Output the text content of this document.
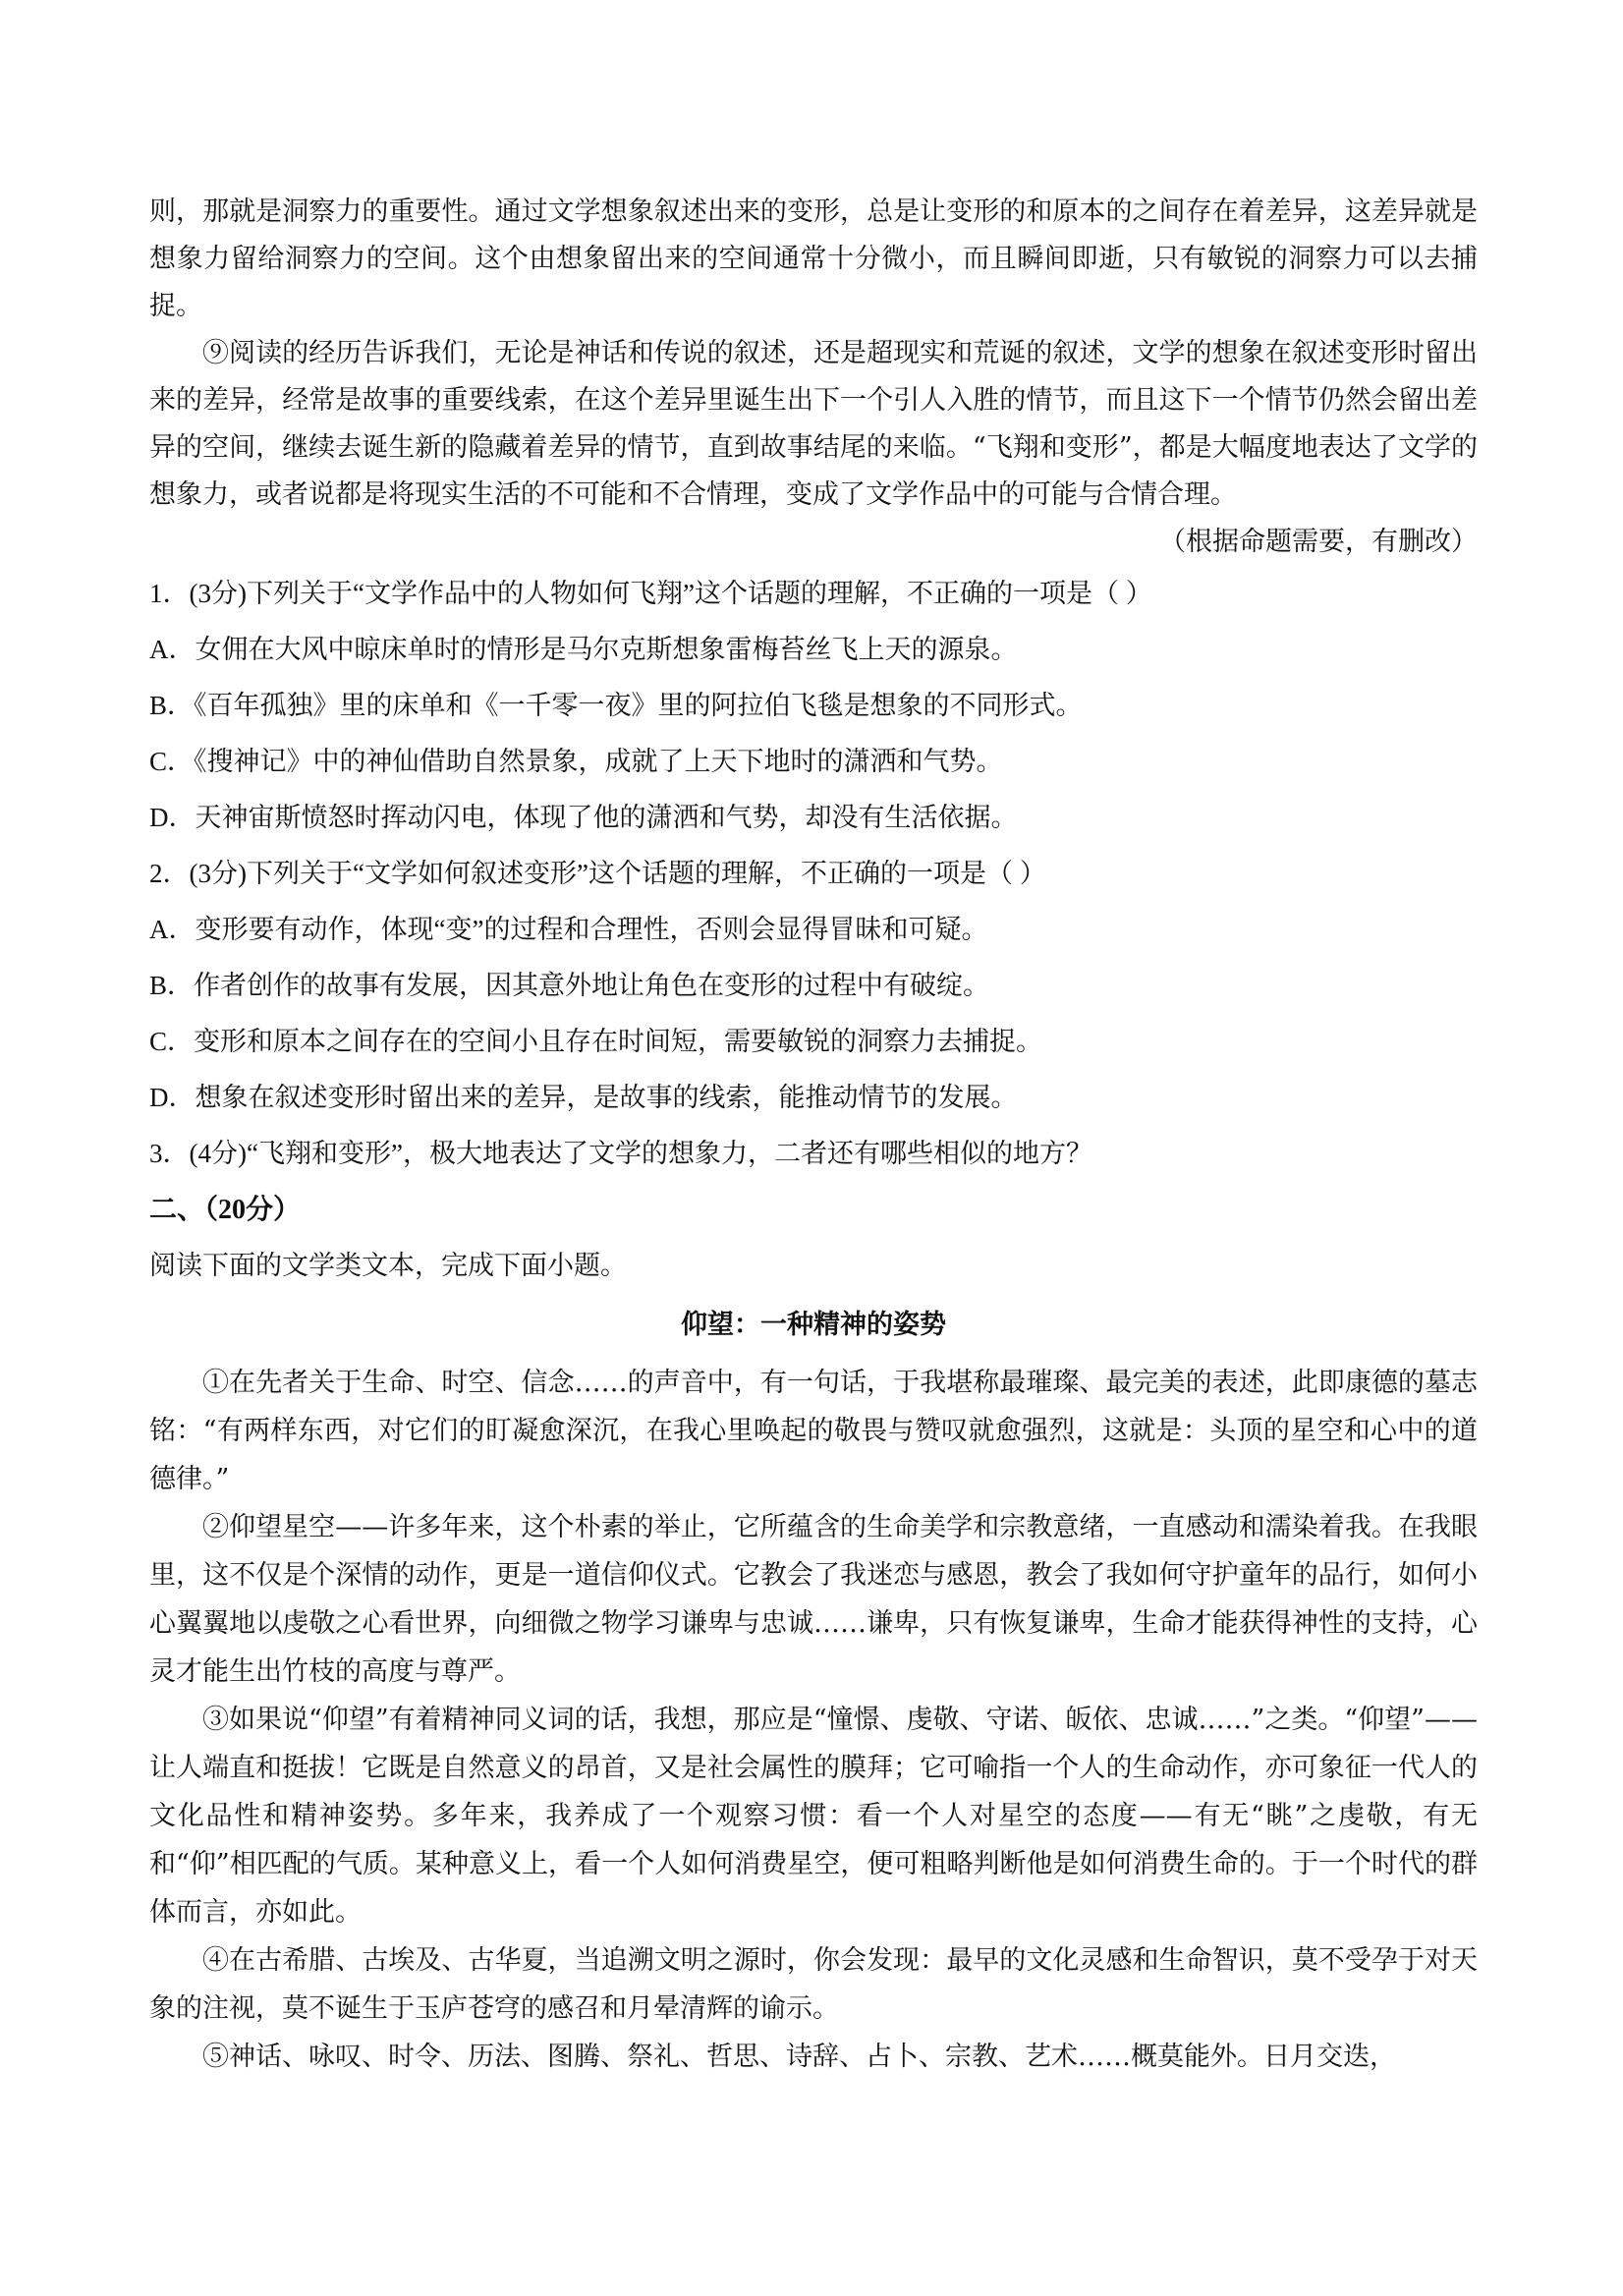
则，那就是洞察力的重要性。通过文学想象叙述出来的变形，总是让变形的和原本的之间存在着差异，这差异就是想象力留给洞察力的空间。这个由想象留出来的空间通常十分微小，而且瞬间即逝，只有敏锐的洞察力可以去捕捉。

⑨阅读的经历告诉我们，无论是神话和传说的叙述，还是超现实和荒诞的叙述，文学的想象在叙述变形时留出来的差异，经常是故事的重要线索，在这个差异里诞生出下一个引人入胜的情节，而且这下一个情节仍然会留出差异的空间，继续去诞生新的隐藏着差异的情节，直到故事结尾的来临。“飞翔和变形”，都是大幅度地表达了文学的想象力，或者说都是将现实生活的不可能和不合情理，变成了文学作品中的可能与合情合理。

（根据命题需要，有删改）

1．(3分)下列关于“文学作品中的人物如何飞翔”这个话题的理解，不正确的一项是（ ）

A．女佣在大风中晾床单时的情形是马尔克斯想象雷梅苔丝飞上天的源泉。

B．《百年孤独》里的床单和《一千零一夜》里的阿拉伯飞毯是想象的不同形式。

C．《搜神记》中的神仙借助自然景象，成就了上天下地时的潇洒和气势。

D．天神宙斯愤怒时挥动闪电，体现了他的潇洒和气势，却没有生活依据。

2．(3分)下列关于“文学如何叙述变形”这个话题的理解，不正确的一项是（ ）

A．变形要有动作，体现“变”的过程和合理性，否则会显得冒昧和可疑。

B．作者创作的故事有发展，因其意外地让角色在变形的过程中有破绽。

C．变形和原本之间存在的空间小且存在时间短，需要敏锐的洞察力去捕捉。

D．想象在叙述变形时留出来的差异，是故事的线索，能推动情节的发展。

3．(4分)“飞翔和变形”，极大地表达了文学的想象力，二者还有哪些相似的地方？

二、（20分）

阅读下面的文学类文本，完成下面小题。

仰望：一种精神的姿势

①在先者关于生命、时空、信念……的声音中，有一句话，于我堪称最璀璨、最完美的表述，此即康德的墓志铭：“有两样东西，对它们的盯凝愈深沉，在我心里唤起的敬畏与赞叹就愈强烈，这就是：头顶的星空和心中的道德律。”

②仰望星空——许多年来，这个朴素的举止，它所蕴含的生命美学和宗教意绪，一直感动和濡染着我。在我眼里，这不仅是个深情的动作，更是一道信仰仪式。它教会了我迷恋与感恩，教会了我如何守护童年的品行，如何小心翼翼地以虔敬之心看世界，向细微之物学习谦卑与忠诚……谦卑，只有恢复谦卑，生命才能获得神性的支持，心灵才能生出竹枝的高度与尊严。

③如果说“仰望”有着精神同义词的话，我想，那应是“憧憬、虔敬、守诺、皈依、忠诚……”之类。“仰望”——让人端直和挺拔！它既是自然意义的昂首，又是社会属性的膜拜；它可喻指一个人的生命动作，亦可象征一代人的文化品性和精神姿势。多年来，我养成了一个观察习惯：看一个人对星空的态度——有无“眺”之虔敬，有无和“仰”相匹配的气质。某种意义上，看一个人如何消费星空，便可粗略判断他是如何消费生命的。于一个时代的群体而言，亦如此。

④在古希腊、古埃及、古华夏，当追溯文明之源时，你会发现：最早的文化灵感和生命智识，莫不受孕于对天象的注视，莫不诞生于玉庐苍穹的感召和月晕清辉的谕示。

⑤神话、咏叹、时令、历法、图腾、祭礼、哲思、诗辞、占卜、宗教、艺术……概莫能外。日月交迭，
